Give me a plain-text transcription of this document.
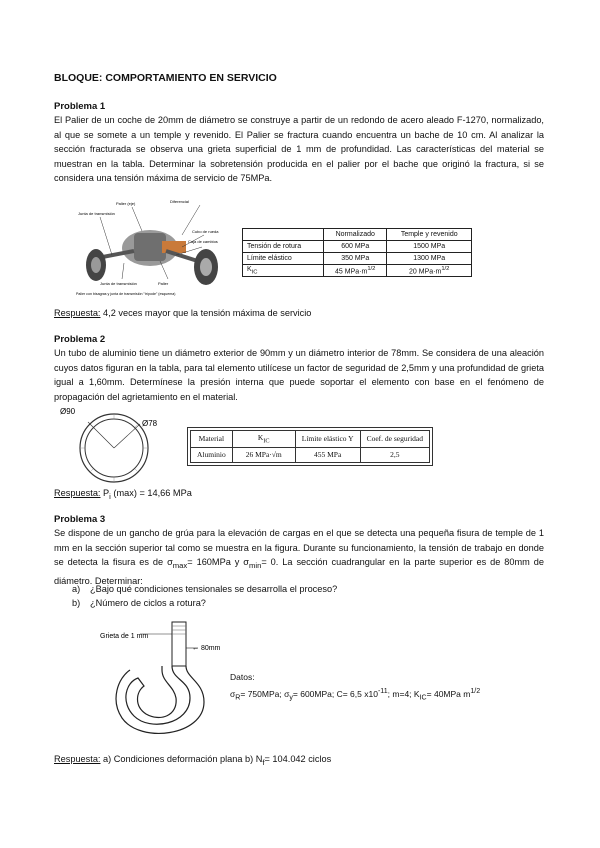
BLOQUE: COMPORTAMIENTO EN SERVICIO
Problema 1
El Palier de un coche de 20mm de diámetro se construye a partir de un redondo de acero aleado F-1270, normalizado, al que se somete a un temple y revenido. El Palier se fractura cuando encuentra un bache de 10 cm. Al analizar la sección fracturada se observa una grieta superficial de 1 mm de profundidad. Las características del material se muestran en la tabla. Determinar la sobretensión producida en el palier por el bache que originó la fractura, si se considera una tensión máxima de servicio de 75MPa.
Diferencial
Palier (eje)
Junta de transmisión
Cubo de rueda
Caja de cambios
Junta de transmisión	Palier
Palier con bisagras y junta de transmisión "trípode" (esquema)
	Normalizado	Temple y revenido
Tensión de rotura	600 MPa	1500 MPa
Límite elástico	350 MPa	1300 MPa
$K_{IC}$	45 $MPa\cdot m^{1/2}$	20 $MPa\cdot m^{1/2}$
Respuesta: 4,2 veces mayor que la tensión máxima de servicio
Problema 2
Un tubo de aluminio tiene un diámetro exterior de 90mm y un diámetro interior de 78mm. Se considera de una aleación cuyos datos figuran en la tabla, para tal elemento utilícese un factor de seguridad de 2,5mm y una profundidad de grieta igual a 1,60mm. Determínese la presión interna que puede soportar el elemento con base en el fenómeno de propagación del agrietamiento en el material.
Ø90
Ø78
Material	$K_{IC}$	Límite elástico Y	Coef. de seguridad
Aluminio	26 MPa·√m	455 MPa	2,5
Respuesta: $P_i$ (max) = 14,66 MPa
Problema 3
Se dispone de un gancho de grúa para la elevación de cargas en el que se detecta una pequeña fisura de temple de 1 mm en la sección superior tal como se muestra en la figura. Durante su funcionamiento, la tensión de trabajo en donde se detecta la fisura es de $\sigma_{max}= 160MPa$ y $\sigma_{min}= 0$. La sección cuadrangular en la parte superior es de 80mm de diámetro. Determinar:
a) ¿Bajo qué condiciones tensionales se desarrolla el proceso?
b) ¿Número de ciclos a rotura?
Grieta de 1 mm
← 80mm
Datos:
$\sigma_R= 750MPa$; $\sigma_y= 600MPa$; C= 6,5 $x10^{-11}$; m=4; $K_{IC}= 40MPa$ $m^{1/2}$
Respuesta: a) Condiciones deformación plana b) $N_f= 104.042$ ciclos
